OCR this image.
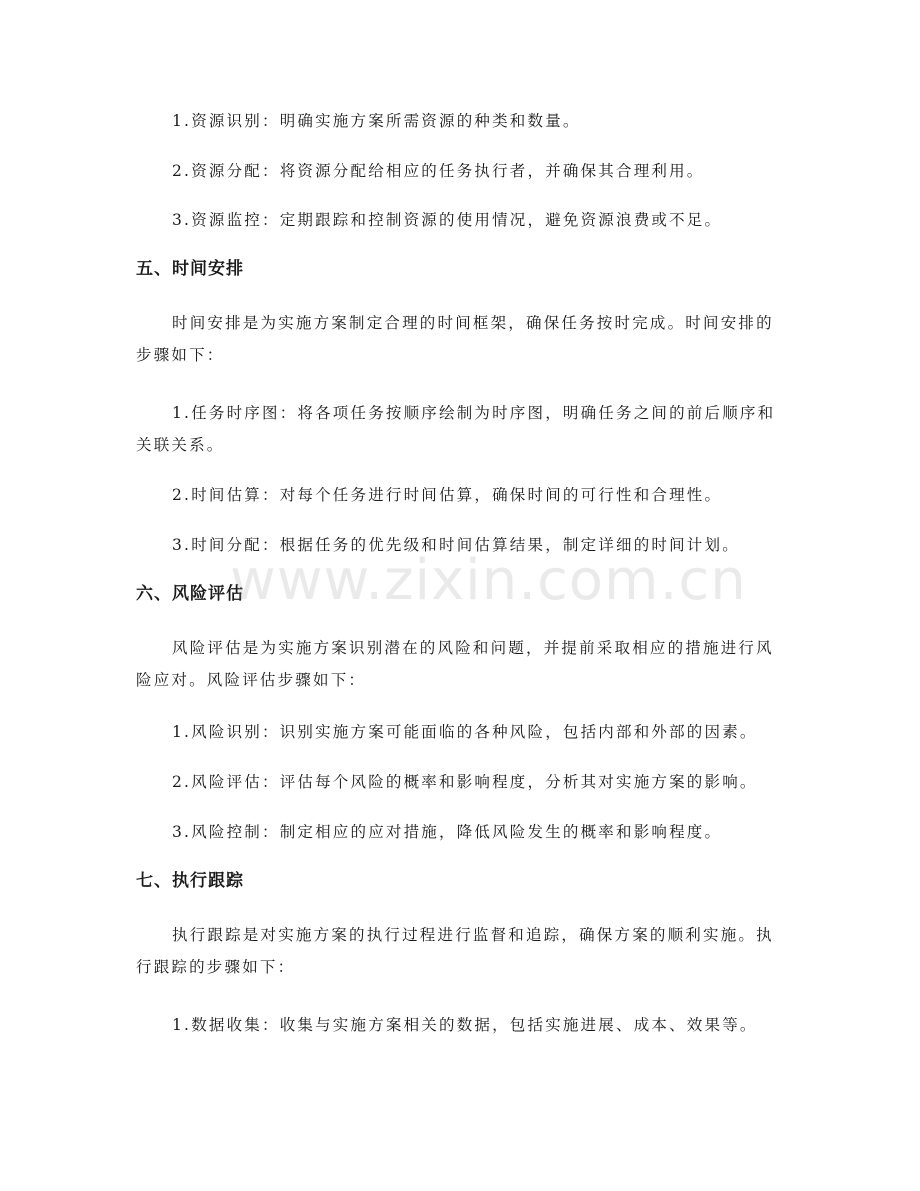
1.资源识别：明确实施方案所需资源的种类和数量。

2.资源分配：将资源分配给相应的任务执行者，并确保其合理利用。

3.资源监控：定期跟踪和控制资源的使用情况，避免资源浪费或不足。

五、时间安排

时间安排是为实施方案制定合理的时间框架，确保任务按时完成。时间安排的

步骤如下：

1.任务时序图：将各项任务按顺序绘制为时序图，明确任务之间的前后顺序和

关联关系。

2.时间估算：对每个任务进行时间估算，确保时间的可行性和合理性。

3.时间分配：根据任务的优先级和时间估算结果，制定详细的时间计划。

六、风险评估

风险评估是为实施方案识别潜在的风险和问题，并提前采取相应的措施进行风

险应对。风险评估步骤如下：

1.风险识别：识别实施方案可能面临的各种风险，包括内部和外部的因素。

2.风险评估：评估每个风险的概率和影响程度，分析其对实施方案的影响。

3.风险控制：制定相应的应对措施，降低风险发生的概率和影响程度。

七、执行跟踪

执行跟踪是对实施方案的执行过程进行监督和追踪，确保方案的顺利实施。执

行跟踪的步骤如下：

1.数据收集：收集与实施方案相关的数据，包括实施进展、成本、效果等。

www.zixin.com.cn
